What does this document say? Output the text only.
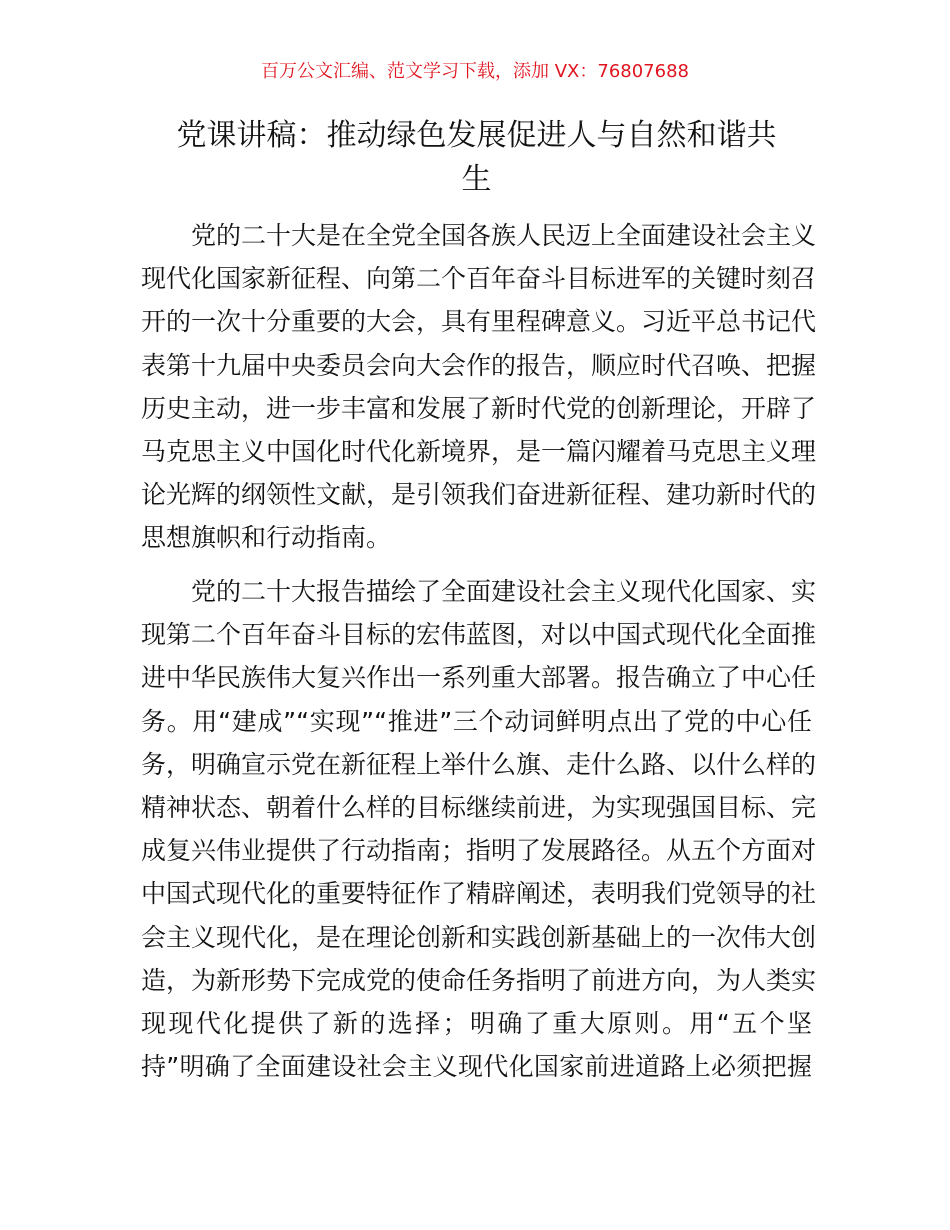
百万公文汇编、范文学习下载，添加 VX：76807688
党课讲稿：推动绿色发展促进人与自然和谐共
生
　　党的二十大是在全党全国各族人民迈上全面建设社会主义
现代化国家新征程、向第二个百年奋斗目标进军的关键时刻召
开的一次十分重要的大会，具有里程碑意义。习近平总书记代
表第十九届中央委员会向大会作的报告，顺应时代召唤、把握
历史主动，进一步丰富和发展了新时代党的创新理论，开辟了
马克思主义中国化时代化新境界，是一篇闪耀着马克思主义理
论光辉的纲领性文献，是引领我们奋进新征程、建功新时代的
思想旗帜和行动指南。
　　党的二十大报告描绘了全面建设社会主义现代化国家、实
现第二个百年奋斗目标的宏伟蓝图，对以中国式现代化全面推
进中华民族伟大复兴作出一系列重大部署。报告确立了中心任
务。用“建成”“实现”“推进”三个动词鲜明点出了党的中心任
务，明确宣示党在新征程上举什么旗、走什么路、以什么样的
精神状态、朝着什么样的目标继续前进，为实现强国目标、完
成复兴伟业提供了行动指南；指明了发展路径。从五个方面对
中国式现代化的重要特征作了精辟阐述，表明我们党领导的社
会主义现代化，是在理论创新和实践创新基础上的一次伟大创
造，为新形势下完成党的使命任务指明了前进方向，为人类实
现现代化提供了新的选择；明确了重大原则。用“五个坚
持”明确了全面建设社会主义现代化国家前进道路上必须把握
